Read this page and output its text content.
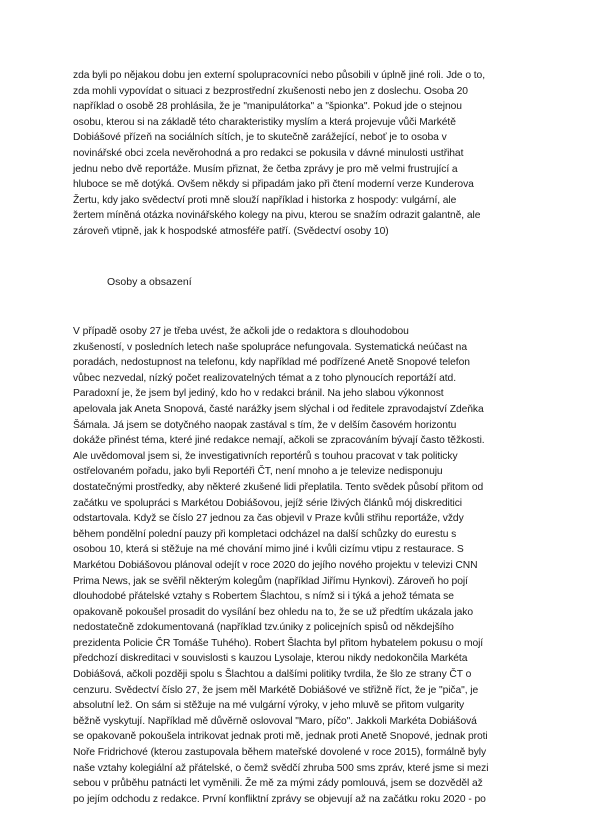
zda byli po nějakou dobu jen externí spolupracovníci nebo působili v úplně jiné roli. Jde o to,
zda mohli vypovídat o situaci z bezprostřední zkušenosti nebo jen z doslechu. Osoba 20
například o osobě 28 prohlásila, že je "manipulátorka" a "špionka". Pokud jde o stejnou
osobu, kterou si na základě této charakteristiky myslím a která projevuje vůči Markétě
Dobiášové přízeň na sociálních sítích, je to skutečně zarážející, neboť je to osoba v
novinářské obci zcela nevěrohodná a pro redakci se pokusila v dávné minulosti ustřihat
jednu nebo dvě reportáže. Musím přiznat, že četba zprávy je pro mě velmi frustrující a
hluboce se mě dotýká. Ovšem někdy si připadám jako při čtení moderní verze Kunderova
Žertu, kdy jako svědectví proti mně slouží například i historka z hospody: vulgární, ale
žertem míněná otázka novinářského kolegy na pivu, kterou se snažím odrazit galantně, ale
zároveň vtipně, jak k hospodské atmosféře patří. (Svědectví osoby 10)

Osoby a obsazení

V případě osoby 27 je třeba uvést, že ačkoli jde o redaktora s dlouhodobou
zkušeností, v posledních letech naše spolupráce nefungovala. Systematická neúčast na
poradách, nedostupnost na telefonu, kdy například mé podřízené Anetě Snopové telefon
vůbec nezvedal, nízký počet realizovatelných témat a z toho plynoucích reportáží atd.
Paradoxní je, že jsem byl jediný, kdo ho v redakci bránil. Na jeho slabou výkonnost
apelovala jak Aneta Snopová, časté narážky jsem slýchal i od ředitele zpravodajství Zdeňka
Šámala. Já jsem se dotyčného naopak zastával s tím, že v delším časovém horizontu
dokáže přinést téma, které jiné redakce nemají, ačkoli se zpracováním bývají často těžkosti.
Ale uvědomoval jsem si, že investigativních reportérů s touhou pracovat v tak politicky
ostřelovaném pořadu, jako byli Reportéři ČT, není mnoho a je televize nedisponuju
dostatečnými prostředky, aby některé zkušené lidi přeplatila. Tento svědek působí přitom od
začátku ve spolupráci s Markétou Dobiášovou, jejíž série lživých článků mój diskreditici
odstartovala. Když se číslo 27 jednou za čas objevil v Praze kvůli střihu reportáže, vždy
během pondělní polední pauzy při kompletaci odcházel na další schůzky do eurestu s
osobou 10, která si stěžuje na mé chování mimo jiné i kvůli cizímu vtipu z restaurace. S
Markétou Dobiášovou plánoval odejít v roce 2020 do jejího nového projektu v televizi CNN
Prima News, jak se svěřil některým kolegům (například Jiřímu Hynkovi). Zároveň ho pojí
dlouhodobé přátelské vztahy s Robertem Šlachtou, s nímž si i týká a jehož témata se
opakovaně pokoušel prosadit do vysílání bez ohledu na to, že se už předtím ukázala jako
nedostatečně zdokumentovaná (například tzv.úniky z policejních spisů od někdejšího
prezidenta Policie ČR Tomáše Tuhého). Robert Šlachta byl přitom hybatelem pokusu o mojí
předchozí diskreditaci v souvislosti s kauzou Lysolaje, kterou nikdy nedokončila Markéta
Dobiášová, ačkoli později spolu s Šlachtou a dalšími politiky tvrdila, že šlo ze strany ČT o
cenzuru. Svědectví číslo 27, že jsem měl Markétě Dobiášové ve střižně říct, že je "piča", je
absolutní lež. On sám si stěžuje na mé vulgární výroky, v jeho mluvě se přitom vulgarity
běžně vyskytují. Například mě důvěrně oslovoval "Maro, píčo". Jakkoli Markéta Dobiášová
se opakovaně pokoušela intrikovat jednak proti mě, jednak proti Anetě Snopové, jednak proti
Noře Fridrichové (kterou zastupovala během mateřské dovolené v roce 2015), formálně byly
naše vztahy kolegiální až přátelské, o čemž svědčí zhruba 500 sms zpráv, které jsme si mezi
sebou v průběhu patnácti let vyměnili. Že mě za mými zády pomlouvá, jsem se dozvěděl až
po jejím odchodu z redakce. První konfliktní zprávy se objevují až na začátku roku 2020 - po
